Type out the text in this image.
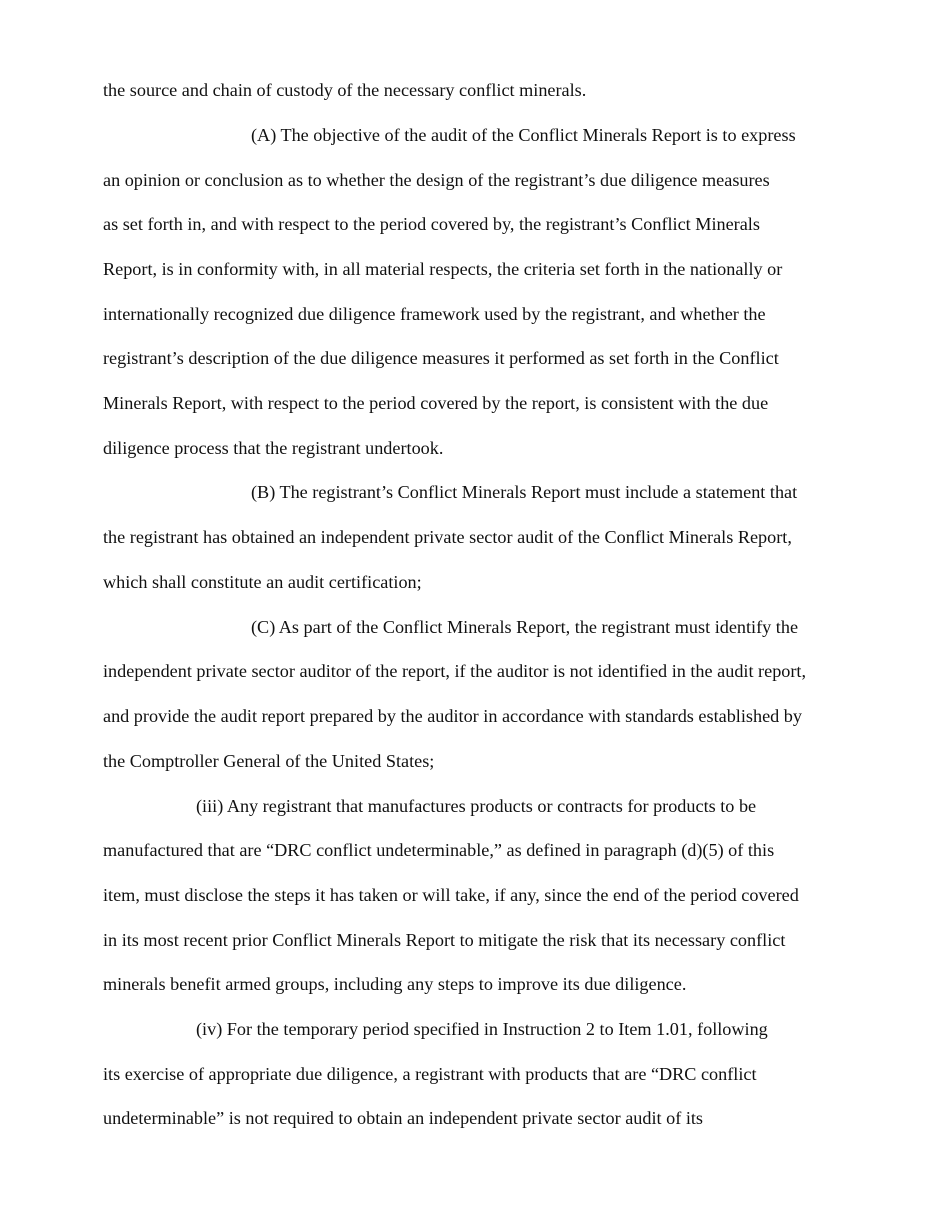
the source and chain of custody of the necessary conflict minerals.

(A) The objective of the audit of the Conflict Minerals Report is to express

an opinion or conclusion as to whether the design of the registrant’s due diligence measures

as set forth in, and with respect to the period covered by, the registrant’s Conflict Minerals

Report, is in conformity with, in all material respects, the criteria set forth in the nationally or

internationally recognized due diligence framework used by the registrant, and whether the

registrant’s description of the due diligence measures it performed as set forth in the Conflict

Minerals Report, with respect to the period covered by the report, is consistent with the due

diligence process that the registrant undertook.

(B) The registrant’s Conflict Minerals Report must include a statement that

the registrant has obtained an independent private sector audit of the Conflict Minerals Report,

which shall constitute an audit certification;

(C) As part of the Conflict Minerals Report, the registrant must identify the

independent private sector auditor of the report, if the auditor is not identified in the audit report,

and provide the audit report prepared by the auditor in accordance with standards established by

the Comptroller General of the United States;

(iii) Any registrant that manufactures products or contracts for products to be

manufactured that are “DRC conflict undeterminable,” as defined in paragraph (d)(5) of this

item, must disclose the steps it has taken or will take, if any, since the end of the period covered

in its most recent prior Conflict Minerals Report to mitigate the risk that its necessary conflict

minerals benefit armed groups, including any steps to improve its due diligence.

(iv) For the temporary period specified in Instruction 2 to Item 1.01, following

its exercise of appropriate due diligence, a registrant with products that are “DRC conflict

undeterminable” is not required to obtain an independent private sector audit of its
